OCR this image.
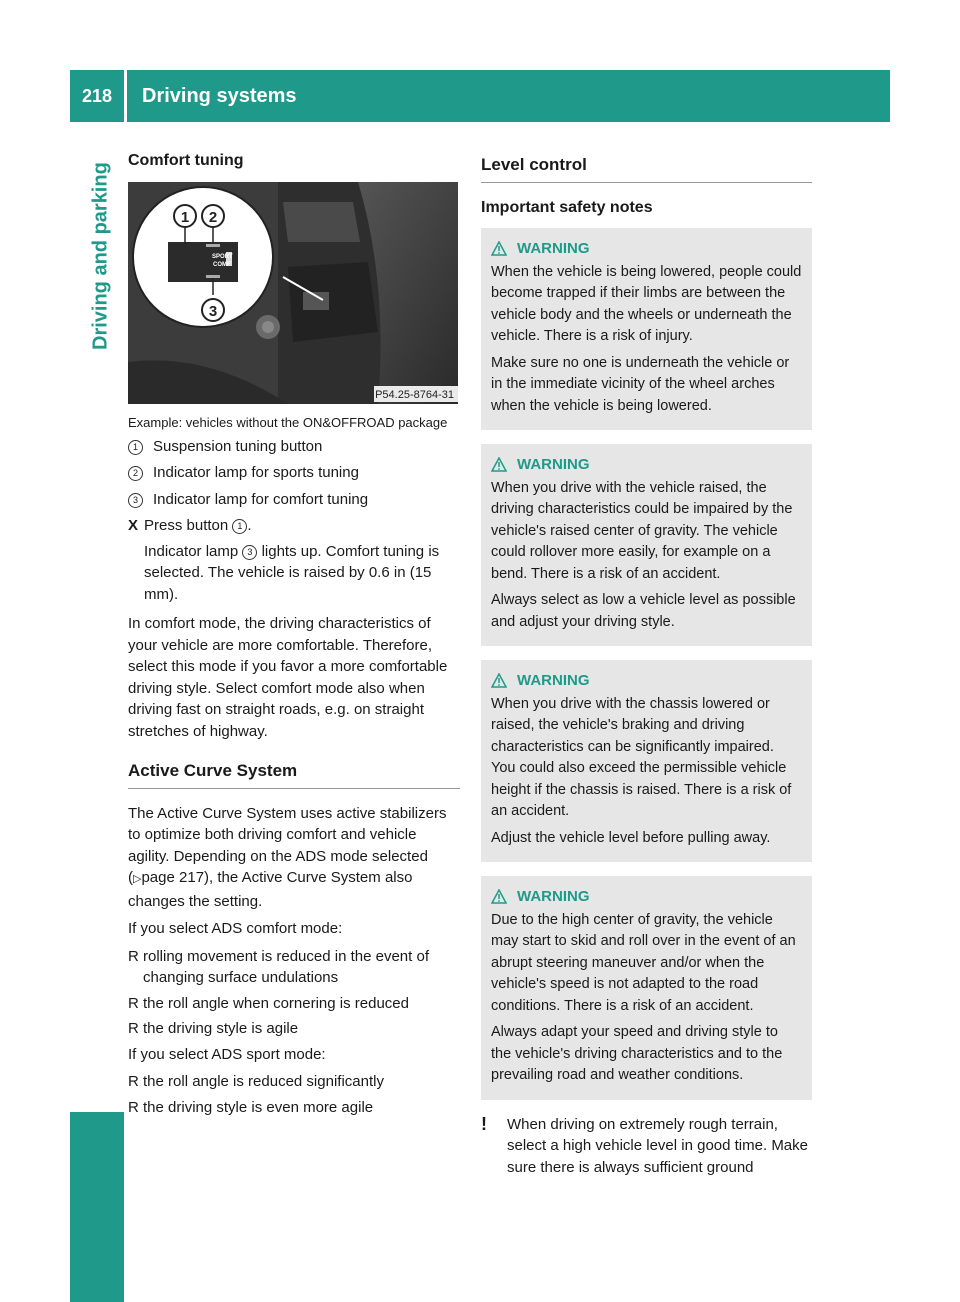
218	Driving systems
Driving and parking
Comfort tuning
SPORT
COMF
1 2
3
P54.25-8764-31
Example: vehicles without the ON&OFFROAD package
1	Suspension tuning button
2	Indicator lamp for sports tuning
3	Indicator lamp for comfort tuning
X Press button 1 .
Indicator lamp 3 lights up. Comfort tuning is selected. The vehicle is raised by 0.6 in (15 mm).

In comfort mode, the driving characteristics of your vehicle are more comfortable. Therefore, select this mode if you favor a more comfortable driving style. Select comfort mode also when driving fast on straight roads, e.g. on straight stretches of highway.

Active Curve System

The Active Curve System uses active stabilizers to optimize both driving comfort and vehicle agility. Depending on the ADS mode selected (▷page 217), the Active Curve System also changes the setting.

If you select ADS comfort mode:

R rolling movement is reduced in the event of changing surface undulations
R the roll angle when cornering is reduced
R the driving style is agile

If you select ADS sport mode:

R the roll angle is reduced significantly
R the driving style is even more agile
Level control
Important safety notes
WARNING

When the vehicle is being lowered, people could become trapped if their limbs are between the vehicle body and the wheels or underneath the vehicle. There is a risk of injury.

Make sure no one is underneath the vehicle or in the immediate vicinity of the wheel arches when the vehicle is being lowered.

WARNING

When you drive with the vehicle raised, the driving characteristics could be impaired by the vehicle's raised center of gravity. The vehicle could rollover more easily, for example on a bend. There is a risk of an accident.

Always select as low a vehicle level as possible and adjust your driving style.

WARNING

When you drive with the chassis lowered or raised, the vehicle's braking and driving characteristics can be significantly impaired. You could also exceed the permissible vehicle height if the chassis is raised. There is a risk of an accident.

Adjust the vehicle level before pulling away.

WARNING

Due to the high center of gravity, the vehicle may start to skid and roll over in the event of an abrupt steering maneuver and/or when the vehicle's speed is not adapted to the road conditions. There is a risk of an accident.

Always adapt your speed and driving style to the vehicle's driving characteristics and to the prevailing road and weather conditions.

!	When driving on extremely rough terrain, select a high vehicle level in good time. Make sure there is always sufficient ground
